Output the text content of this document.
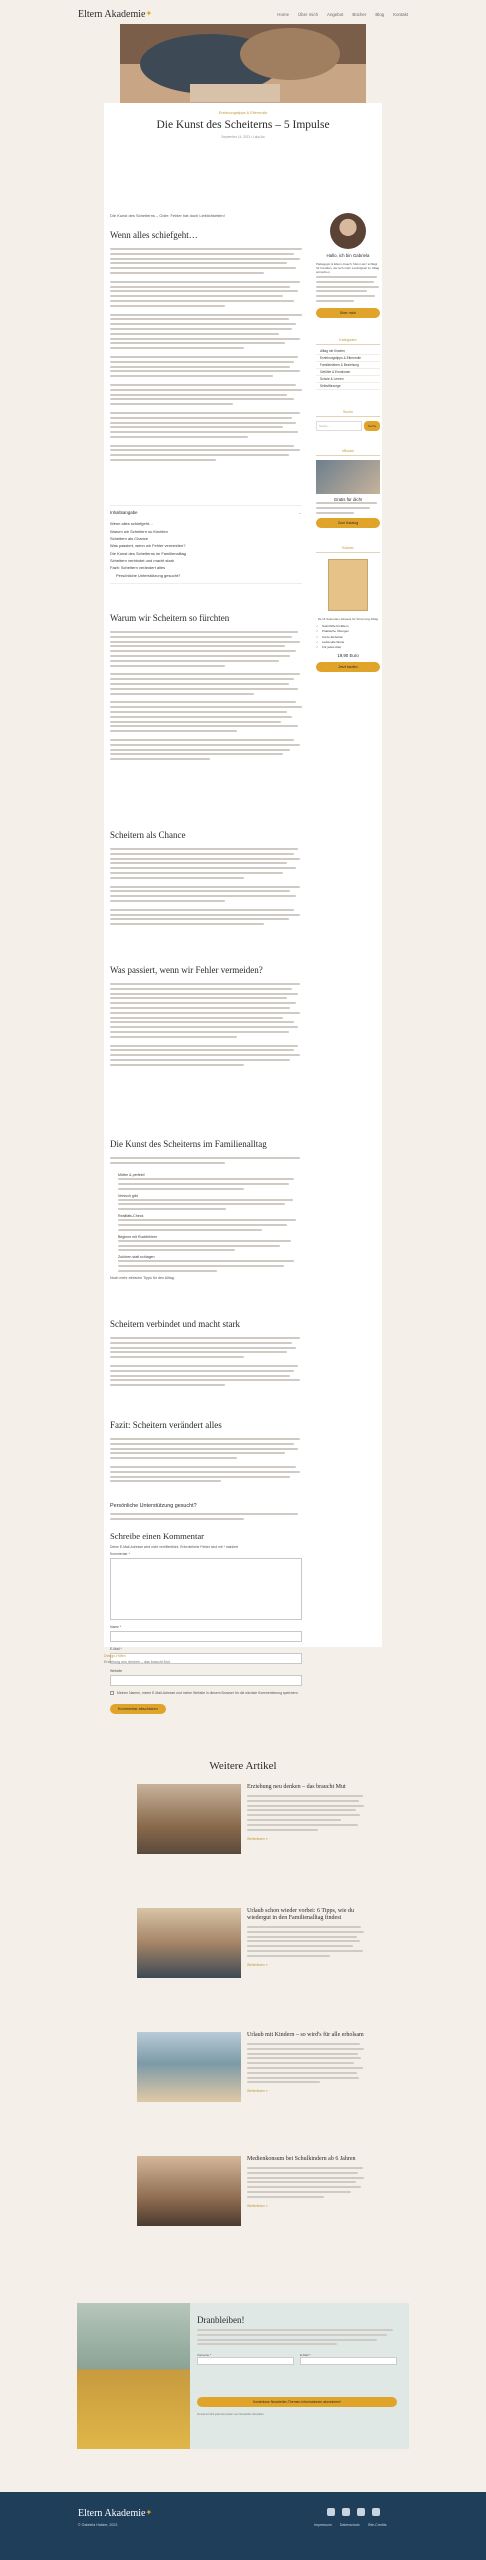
Eltern Akademie✦	Home Über mich Angebot Bücher Blog Kontakt
Erziehungstipps & Elternrolle
Die Kunst des Scheiterns – 5 Impulse
September 14, 2023 • Laila Aw
Die Kunst des Scheiterns – Oder: Fehler hat doch Lieblichkeiten!
Wenn alles schiefgeht…
Inhaltsangabe	⌄
Wenn alles schiefgeht…
Warum wir Scheitern so fürchten
Scheitern als Chance
Was passiert, wenn wir Fehler vermeiden?
Die Kunst des Scheiterns im Familienalltag
Scheitern verbindet und macht stark
Fazit: Scheitern verändert alles
Persönliche Unterstützung gesucht?
Warum wir Scheitern so fürchten
Scheitern als Chance
Was passiert, wenn wir Fehler vermeiden?
Die Kunst des Scheiterns im Familienalltag
Mütter & perfekt!
Versuch gibt
Realitäts-Check
Beginne mit Ruckfehlern
Zuhören statt schlagen
Noch mehr einfache Tipps für den Alltag.
Scheitern verbindet und macht stark
Fazit: Scheitern verändert alles
Persönliche Unterstützung gesucht?
Schreibe einen Kommentar
Deine E-Mail-Adresse wird nicht veröffentlicht. Erforderliche Felder sind mit * markiert
Kommentar *
Name *
E-Mail *
Website
Meinen Namen, meine E-Mail-Adresse und meine Website in diesem Browser für die nächste Kommentierung speichern.
Kommentar abschicken
Hallo, ich bin Gabriela
Pädagogin & Eltern-Coach. Mein Herz schlägt für Familien, die sich mehr Leichtigkeit im Alltag wünschen.
Über mich
Kategorien
Alltag mit Kindern
Erziehungstipps & Elternrolle
Familienleben & Beziehung
Gefühle & Emotionen
Schule & Lernen
Selbstfürsorge
Suche
Suche …	Suche
eBooks
Gratis für dich!
Zum Katalog
Bücher
Der 8-Sekunden-Hinweis für Stimmung Alltag
✓ Soforthilfe für Eltern
✓ Praktische Übungen
✓ Kurze Einheiten
✓ Liebevolle Worte
✓ Für jedes Alter
19,90 Euro
Jetzt kaufen
Design-Hilfen
Erziehung neu denken – das braucht Mut
Weitere Artikel
Erziehung neu denken – das braucht Mut
Weiterlesen »
Urlaub schon wieder vorbei: 6 Tipps, wie du wiedergut in den Familienalltag findest
Weiterlesen »
Urlaub mit Kindern – so wird's für alle erholsam
Weiterlesen »
Medienkonsum bei Schulkindern ab 6 Jahren
Weiterlesen »
Dranbleiben!
Vorname *	E-Mail *
Kostenlose Newsletter-Themen-Informationen abonnieren!
Du kannst dich jederzeit wieder vom Newsletter abmelden.
Eltern Akademie✦
© Gabriela Haitzer, 2023	Impressum Datenschutz Site-Credits
